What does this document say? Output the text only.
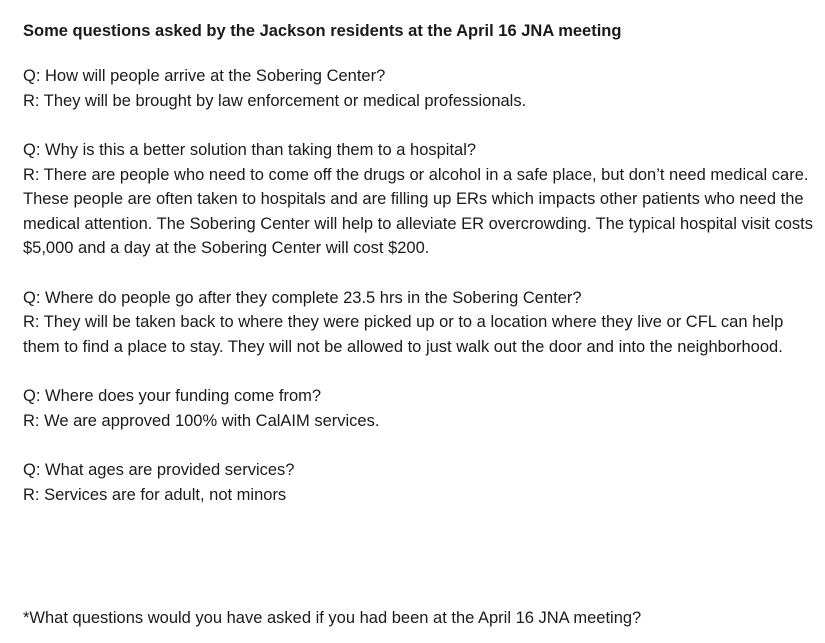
Some questions asked by the Jackson residents at the April 16 JNA meeting

Q: How will people arrive at the Sobering Center?

R: They will be brought by law enforcement or medical professionals.

Q: Why is this a better solution than taking them to a hospital?

R: There are people who need to come off the drugs or alcohol in a safe place, but don’t need medical care. These people are often taken to hospitals and are filling up ERs which impacts other patients who need the medical attention. The Sobering Center will help to alleviate ER overcrowding. The typical hospital visit costs $5,000 and a day at the Sobering Center will cost $200.

Q: Where do people go after they complete 23.5 hrs in the Sobering Center?

R: They will be taken back to where they were picked up or to a location where they live or CFL can help them to find a place to stay. They will not be allowed to just walk out the door and into the neighborhood.

Q: Where does your funding come from?

R: We are approved 100% with CalAIM services.

Q: What ages are provided services?

R: Services are for adult, not minors

*What questions would you have asked if you had been at the April 16 JNA meeting?
